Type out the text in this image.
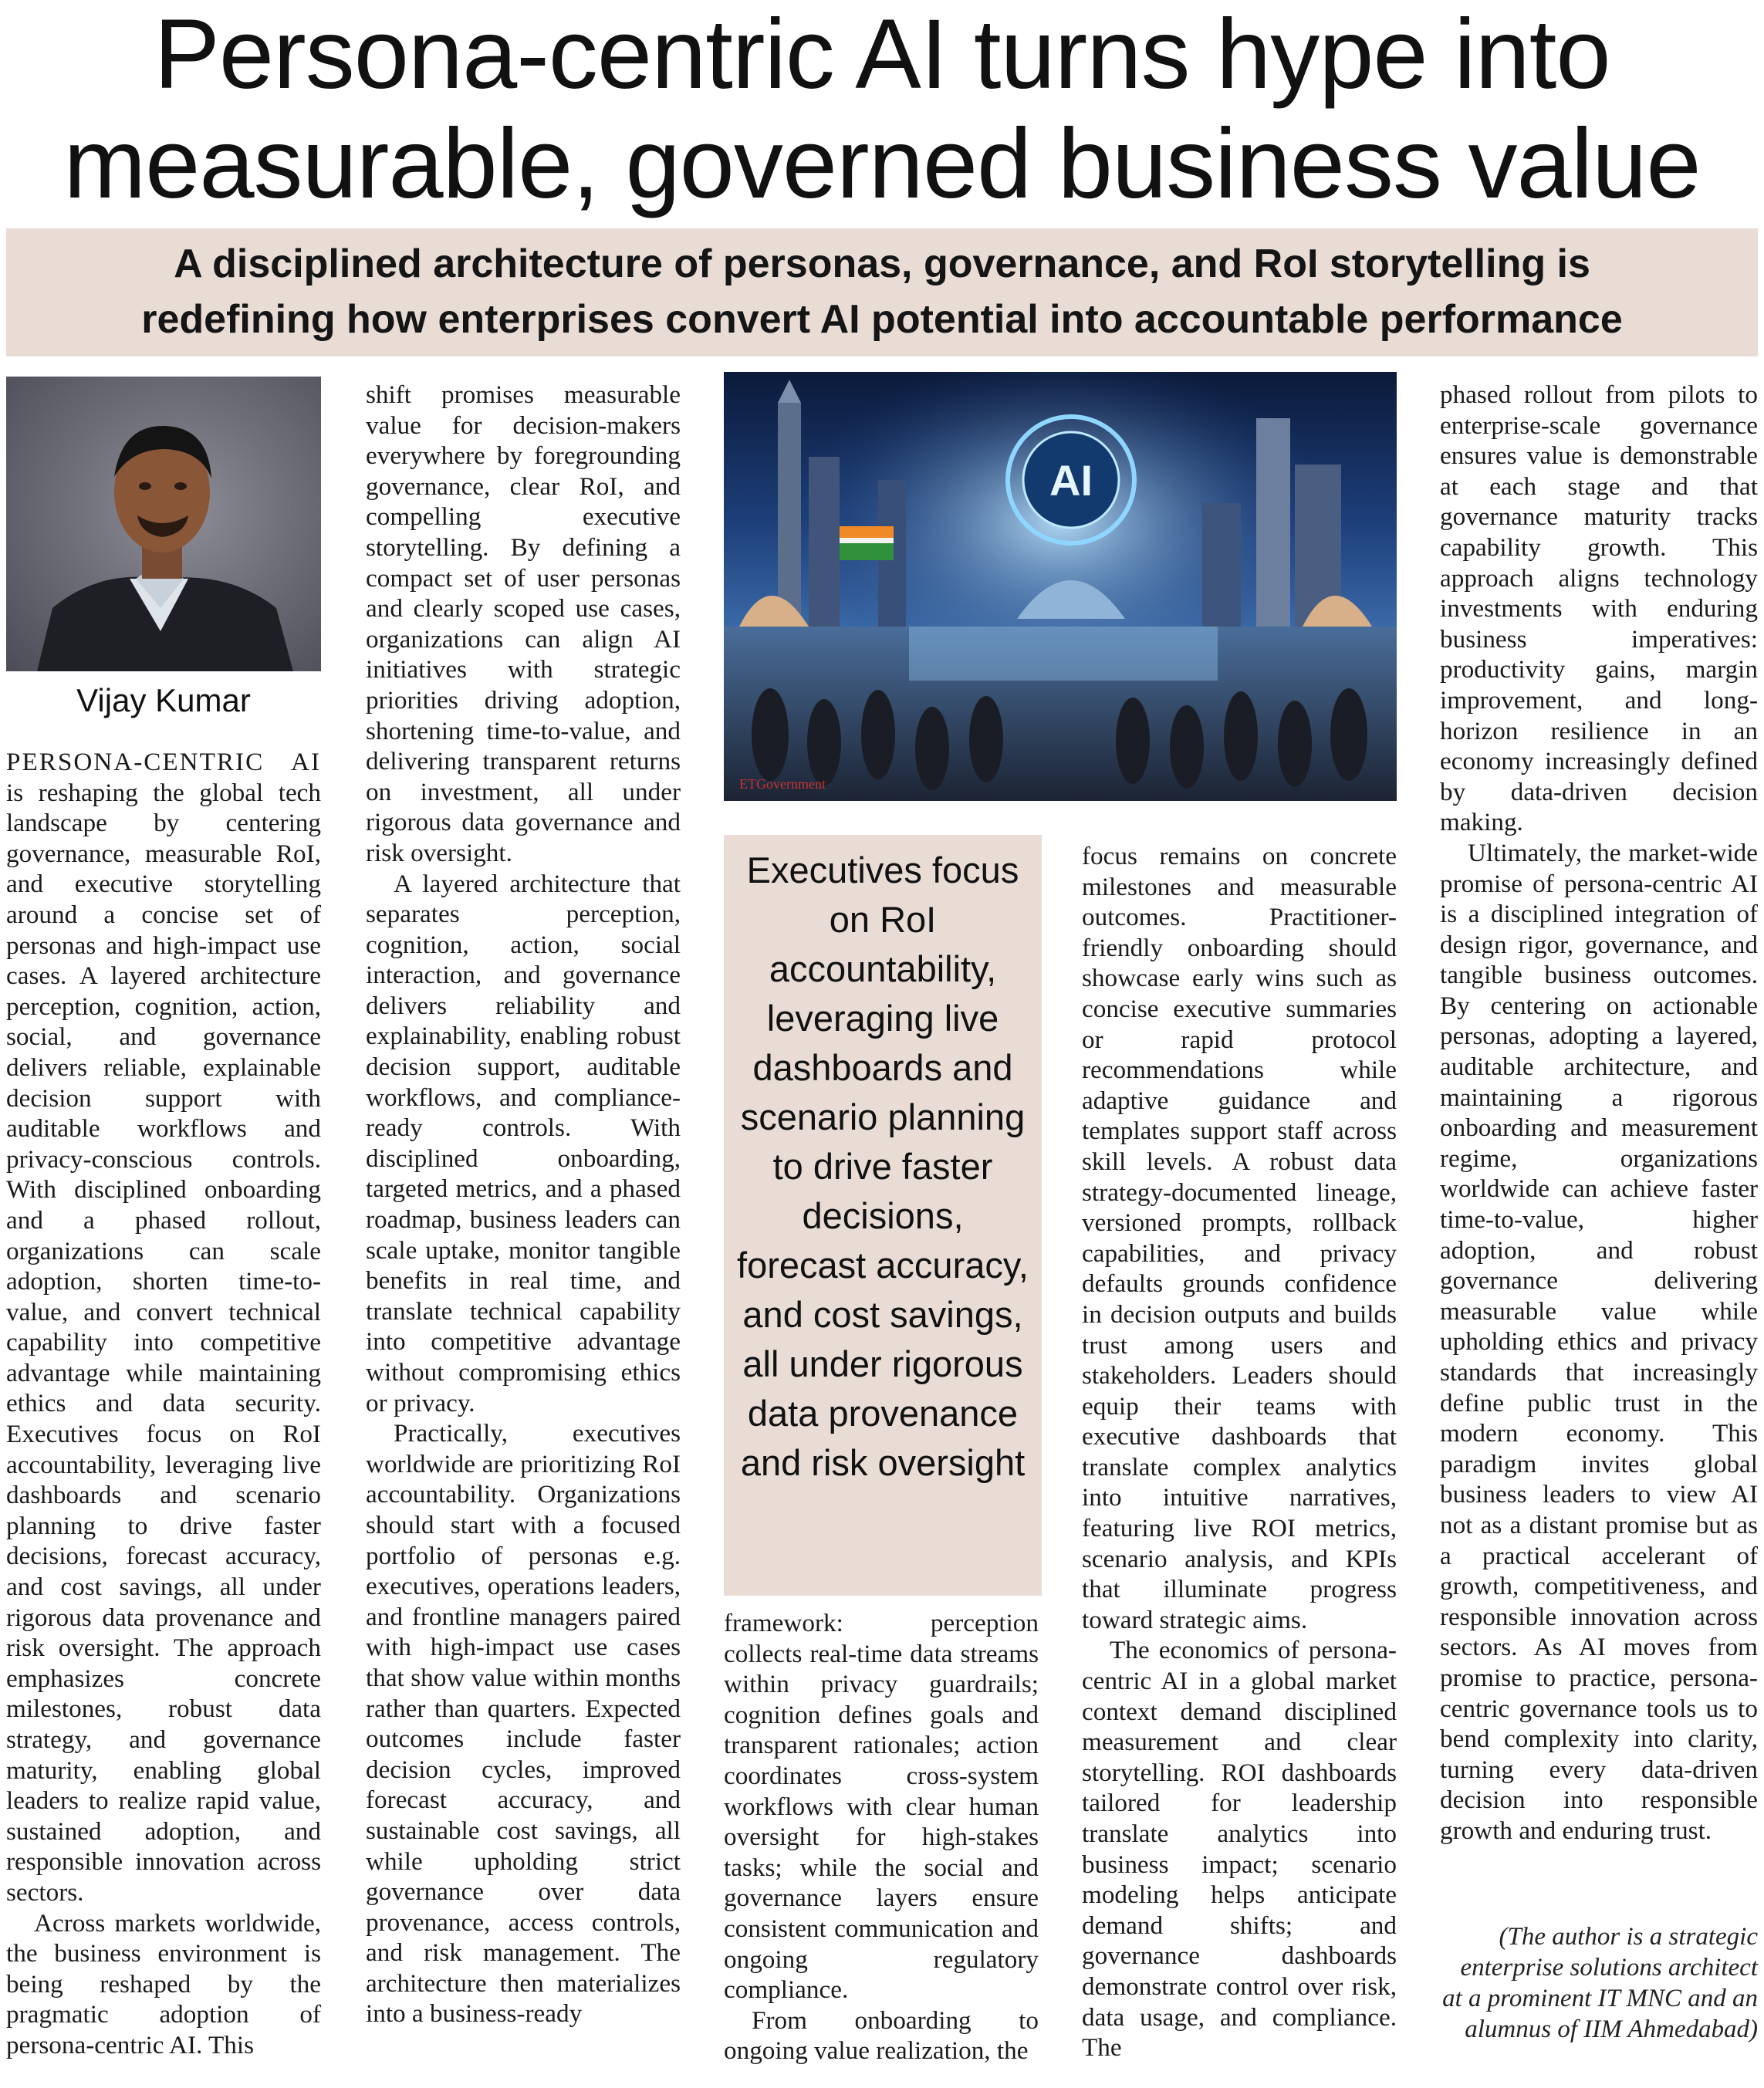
Persona-centric AI turns hype into
measurable, governed business value
A disciplined architecture of personas, governance, and RoI storytelling is
redefining how enterprises convert AI potential into accountable performance
Vijay Kumar

PERSONA-CENTRIC AI is reshaping the global tech landscape by centering governance, measurable RoI, and executive storytelling around a concise set of personas and high-impact use cases. A layered architecture perception, cognition, action, social, and governance delivers reliable, explainable decision support with auditable workflows and privacy-conscious controls. With disciplined onboarding and a phased rollout, organizations can scale adoption, shorten time-to-value, and convert technical capability into competitive advantage while maintaining ethics and data security. Executives focus on RoI accountability, leveraging live dashboards and scenario planning to drive faster decisions, forecast accuracy, and cost savings, all under rigorous data provenance and risk oversight. The approach emphasizes concrete milestones, robust data strategy, and governance maturity, enabling global leaders to realize rapid value, sustained adoption, and responsible innovation across sectors.

Across markets worldwide, the business environment is being reshaped by the pragmatic adoption of persona-centric AI. This

shift promises measurable value for decision-makers everywhere by foregrounding governance, clear RoI, and compelling executive storytelling. By defining a compact set of user personas and clearly scoped use cases, organizations can align AI initiatives with strategic priorities driving adoption, shortening time-to-value, and delivering transparent returns on investment, all under rigorous data governance and risk oversight.

A layered architecture that separates perception, cognition, action, social interaction, and governance delivers reliability and explainability, enabling robust decision support, auditable workflows, and compliance-ready controls. With disciplined onboarding, targeted metrics, and a phased roadmap, business leaders can scale uptake, monitor tangible benefits in real time, and translate technical capability into competitive advantage without compromising ethics or privacy.

Practically, executives worldwide are prioritizing RoI accountability. Organizations should start with a focused portfolio of personas e.g. executives, operations leaders, and frontline managers paired with high-impact use cases that show value within months rather than quarters. Expected outcomes include faster decision cycles, improved forecast accuracy, and sustainable cost savings, all while upholding strict governance over data provenance, access controls, and risk management. The architecture then materializes into a business-ready

AI
ETGovernment
Executives focus on RoI accountability, leveraging live dashboards and scenario planning to drive faster decisions, forecast accuracy, and cost savings, all under rigorous data provenance and risk oversight

framework: perception collects real-time data streams within privacy guardrails; cognition defines goals and transparent rationales; action coordinates cross-system workflows with clear human oversight for high-stakes tasks; while the social and governance layers ensure consistent communication and ongoing regulatory compliance.

From onboarding to ongoing value realization, the

focus remains on concrete milestones and measurable outcomes. Practitioner-friendly onboarding should showcase early wins such as concise executive summaries or rapid protocol recommendations while adaptive guidance and templates support staff across skill levels. A robust data strategy-documented lineage, versioned prompts, rollback capabilities, and privacy defaults grounds confidence in decision outputs and builds trust among users and stakeholders. Leaders should equip their teams with executive dashboards that translate complex analytics into intuitive narratives, featuring live ROI metrics, scenario analysis, and KPIs that illuminate progress toward strategic aims.

The economics of persona-centric AI in a global market context demand disciplined measurement and clear storytelling. ROI dashboards tailored for leadership translate analytics into business impact; scenario modeling helps anticipate demand shifts; and governance dashboards demonstrate control over risk, data usage, and compliance. The

phased rollout from pilots to enterprise-scale governance ensures value is demonstrable at each stage and that governance maturity tracks capability growth. This approach aligns technology investments with enduring business imperatives: productivity gains, margin improvement, and long-horizon resilience in an economy increasingly defined by data-driven decision making.

Ultimately, the market-wide promise of persona-centric AI is a disciplined integration of design rigor, governance, and tangible business outcomes. By centering on actionable personas, adopting a layered, auditable architecture, and maintaining a rigorous onboarding and measurement regime, organizations worldwide can achieve faster time-to-value, higher adoption, and robust governance delivering measurable value while upholding ethics and privacy standards that increasingly define public trust in the modern economy. This paradigm invites global business leaders to view AI not as a distant promise but as a practical accelerant of growth, competitiveness, and responsible innovation across sectors. As AI moves from promise to practice, persona-centric governance tools us to bend complexity into clarity, turning every data-driven decision into responsible growth and enduring trust.

(The author is a strategic enterprise solutions architect at a prominent IT MNC and an alumnus of IIM Ahmedabad)
